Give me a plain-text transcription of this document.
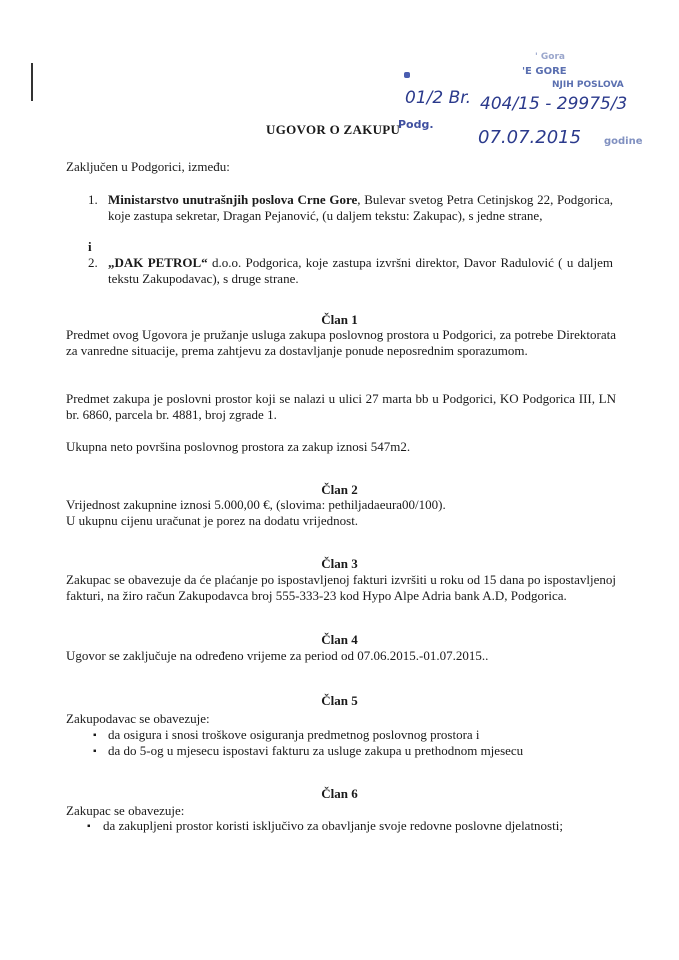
' Gora
'E GORE
NJIH POSLOVA
Podg.
godine
01/2 Br. 404/15 - 29975/3
07.07.2015
UGOVOR O ZAKUPU
Zaključen u Podgorici, između:
1. Ministarstvo unutrašnjih poslova Crne Gore, Bulevar svetog Petra Cetinjskog 22, Podgorica, koje zastupa sekretar, Dragan Pejanović, (u daljem tekstu: Zakupac), s jedne strane,
i
2. „DAK PETROL“ d.o.o. Podgorica, koje zastupa izvršni direktor, Davor Radulović ( u daljem tekstu Zakupodavac), s druge strane.
Član 1
Predmet ovog Ugovora je pružanje usluga zakupa poslovnog prostora u Podgorici, za potrebe Direktorata za vanredne situacije, prema zahtjevu za dostavljanje ponude neposrednim sporazumom.
Predmet zakupa je poslovni prostor koji se nalazi u ulici 27 marta bb u Podgorici, KO Podgorica III, LN br. 6860, parcela br. 4881, broj zgrade 1.
Ukupna neto površina poslovnog prostora za zakup iznosi 547m2.
Član 2
Vrijednost zakupnine iznosi 5.000,00 €, (slovima: pethiljadaeura00/100).
U ukupnu cijenu uračunat je porez na dodatu vrijednost.
Član 3
Zakupac se obavezuje da će plaćanje po ispostavljenoj fakturi izvršiti u roku od 15 dana po ispostavljenoj fakturi, na žiro račun Zakupodavca broj 555-333-23 kod Hypo Alpe Adria bank A.D, Podgorica.
Član 4
Ugovor se zaključuje na određeno vrijeme za period od 07.06.2015.-01.07.2015..
Član 5
Zakupodavac se obavezuje:
▪ da osigura i snosi troškove osiguranja predmetnog poslovnog prostora i
▪ da do 5-og u mjesecu ispostavi fakturu za usluge zakupa u prethodnom mjesecu
Član 6
Zakupac se obavezuje:
▪ da zakupljeni prostor koristi isključivo za obavljanje svoje redovne poslovne djelatnosti;
